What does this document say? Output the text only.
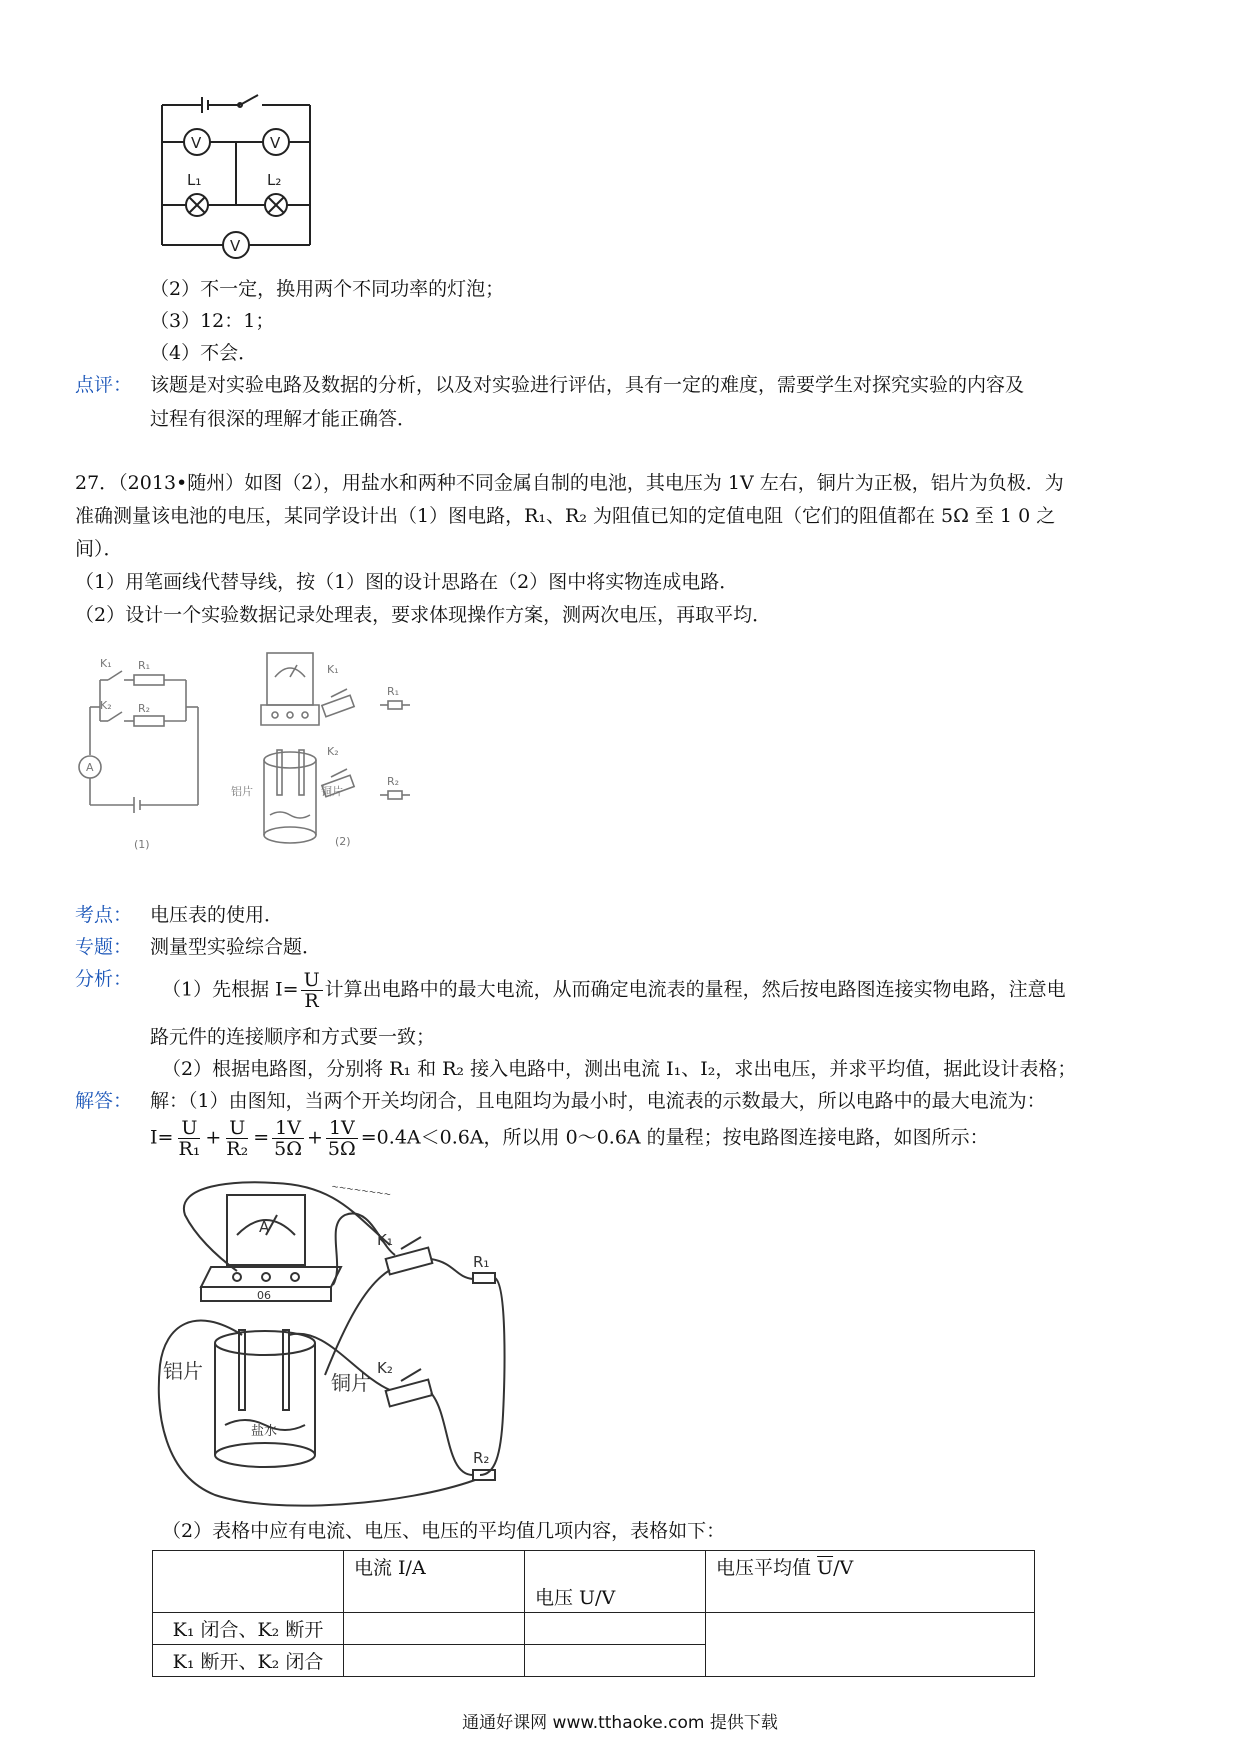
V	V
V
L₁	L₂
（2）不一定，换用两个不同功率的灯泡；
（3）12：1；
（4）不会．
点评： 该题是对实验电路及数据的分析，以及对实验进行评估，具有一定的难度，需要学生对探究实验的内容及
过程有很深的理解才能正确答．
27．（2013•随州）如图（2），用盐水和两种不同金属自制的电池，其电压为 1V 左右，铜片为正极，铝片为负极．为
准确测量该电池的电压，某同学设计出（1）图电路，R₁、R₂ 为阻值已知的定值电阻（它们的阻值都在 5Ω 至 1 0 之
间）．
（1）用笔画线代替导线，按（1）图的设计思路在（2）图中将实物连成电路．
（2）设计一个实验数据记录处理表，要求体现操作方案，测两次电压，再取平均．
K₁
K₂
R₁
R₂
A
(1)
K₁
K₂
R₁
R₂
铝片	铜片
(2)
考点： 电压表的使用．
专题： 测量型实验综合题．
分析： （1）先根据 $I= \frac{U}{R}$ 计算出电路中的最大电流，从而确定电流表的量程，然后按电路图连接实物电路，注意电
路元件的连接顺序和方式要一致；
（2）根据电路图，分别将 R₁ 和 R₂ 接入电路中，测出电流 I₁、I₂，求出电压，并求平均值，据此设计表格；
解答： 解：（1）由图知，当两个开关均闭合，且电阻均为最小时，电流表的示数最大，所以电路中的最大电流为：
$I= \frac{U}{\text{R₁}} + \frac{U}{\text{R₂}} = \frac{1V}{5\Omega} + \frac{1V}{5\Omega} =0.4A<0.6A$，所以用 0～0.6A 的量程；按电路图连接电路，如图所示：
~~~~~~~~
A
06
K₁
K₂
R₁
R₂
铝片	铜片
盐水
（2）表格中应有电流、电压、电压的平均值几项内容，表格如下：
	电流 I/A	电压 U/V	电压平均值 $\overline{U}/V$
K₁ 闭合、K₂ 断开			
K₁ 断开、K₂ 闭合			
通通好课网 www.tthaoke.com 提供下载
